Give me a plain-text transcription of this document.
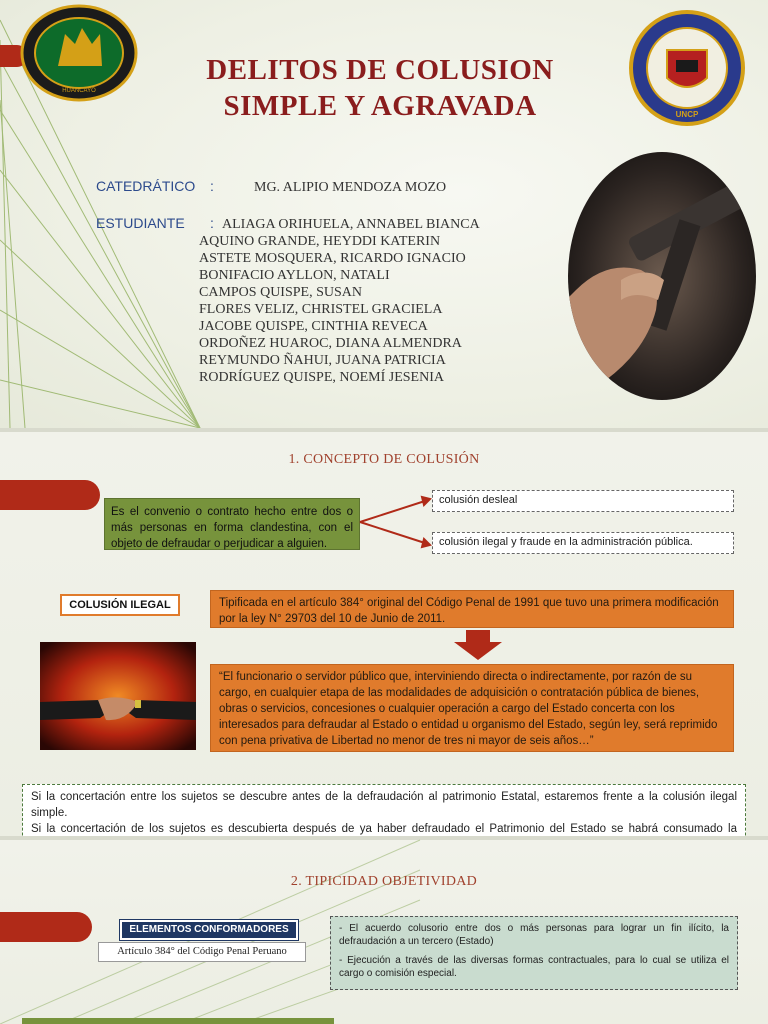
HUANCAYO
UNCP
DELITOS DE COLUSION
SIMPLE Y AGRAVADA
CATEDRÁTICO :	MG. ALIPIO MENDOZA MOZO
ESTUDIANTE : ALIAGA ORIHUELA, ANNABEL BIANCA
AQUINO GRANDE, HEYDDI KATERIN
ASTETE MOSQUERA, RICARDO IGNACIO
BONIFACIO AYLLON, NATALI
CAMPOS QUISPE, SUSAN
FLORES VELIZ, CHRISTEL GRACIELA
JACOBE QUISPE, CINTHIA REVECA
ORDOÑEZ HUAROC, DIANA ALMENDRA
REYMUNDO ÑAHUI, JUANA PATRICIA
RODRÍGUEZ QUISPE, NOEMÍ JESENIA
1. CONCEPTO DE COLUSIÓN
Es el convenio o contrato hecho entre dos o más personas en forma clandestina, con el objeto de defraudar o perjudicar a alguien.
colusión desleal
colusión ilegal y fraude en la administración pública.
COLUSIÓN ILEGAL	Tipificada en el artículo 384° original del Código Penal de 1991 que tuvo una primera modificación por la ley N° 29703 del 10 de Junio de 2011.
“El funcionario o servidor público que, interviniendo directa o indirectamente, por razón de su cargo, en cualquier etapa de las modalidades de adquisición o contratación pública de bienes, obras o servicios, concesiones o cualquier operación a cargo del Estado concerta con los interesados para defraudar al Estado o entidad u organismo del Estado, según ley, será reprimido con pena privativa de Libertad no menor de tres ni mayor de seis años…”
Si la concertación entre los sujetos se descubre antes de la defraudación al patrimonio Estatal, estaremos frente a la colusión ilegal simple.
Si la concertación de los sujetos es descubierta después de ya haber defraudado el Patrimonio del Estado se habrá consumado la
2. TIPICIDAD OBJETIVIDAD
ELEMENTOS CONFORMADORES
Artículo 384° del Código Penal Peruano
- El acuerdo colusorio entre dos o más personas para lograr un fin ilícito, la defraudación a un tercero (Estado)
- Ejecución a través de las diversas formas contractuales, para lo cual se utiliza el cargo o comisión especial.
